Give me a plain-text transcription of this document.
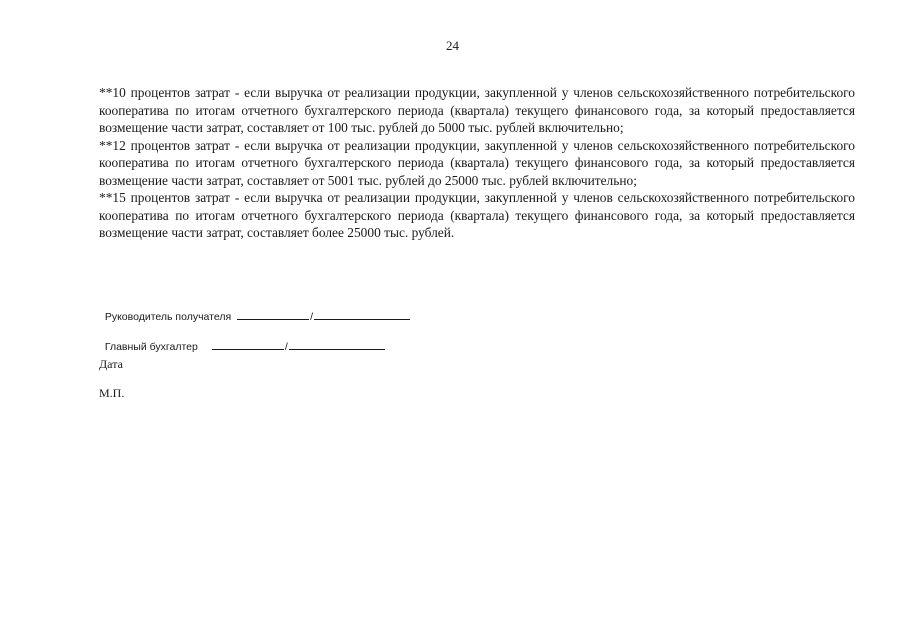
24

**10 процентов затрат - если выручка от реализации продукции, закупленной у членов сельскохозяйственного потребительского кооператива по итогам отчетного бухгалтерского периода (квартала) текущего финансового года, за который предоставляется возмещение части затрат, составляет от 100 тыс. рублей до 5000 тыс. рублей включительно;

**12 процентов затрат - если выручка от реализации продукции, закупленной у членов сельскохозяйственного потребительского кооператива по итогам отчетного бухгалтерского периода (квартала) текущего финансового года, за который предоставляется возмещение части затрат, составляет от 5001 тыс. рублей до 25000 тыс. рублей включительно;

**15 процентов затрат - если выручка от реализации продукции, закупленной у членов сельскохозяйственного потребительского кооператива по итогам отчетного бухгалтерского периода (квартала) текущего финансового года, за который предоставляется возмещение части затрат, составляет более 25000 тыс. рублей.

Руководитель получателя	/

Главный бухгалтер	/

Дата
М.П.
